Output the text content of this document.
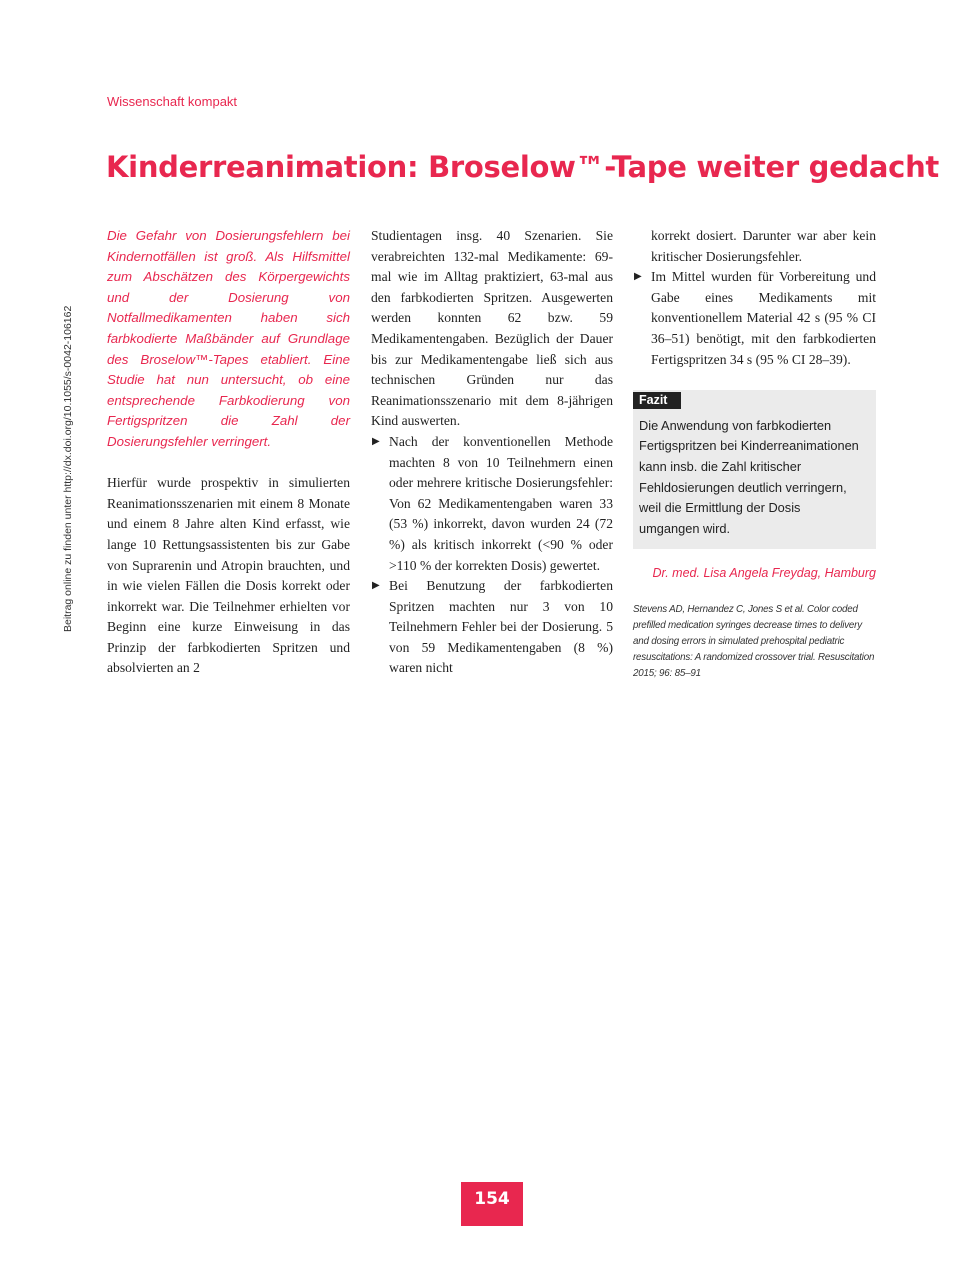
Wissenschaft kompakt
Kinderreanimation: Broselow™-Tape weiter gedacht
Beitrag online zu finden unter http://dx.doi.org/10.1055/s-0042-106162

Die Gefahr von Dosierungsfehlern bei Kindernotfällen ist groß. Als Hilfsmittel zum Abschätzen des Körpergewichts und der Dosierung von Notfallmedikamenten haben sich farbkodierte Maßbänder auf Grundlage des Broselow™-Tapes etabliert. Eine Studie hat nun untersucht, ob eine entsprechende Farbkodierung von Fertigspritzen die Zahl der Dosierungsfehler verringert.

Hierfür wurde prospektiv in simulierten Reanimationsszenarien mit einem 8 Monate und einem 8 Jahre alten Kind erfasst, wie lange 10 Rettungsassistenten bis zur Gabe von Suprarenin und Atropin brauchten, und in wie vielen Fällen die Dosis korrekt oder inkorrekt war. Die Teilnehmer erhielten vor Beginn eine kurze Einweisung in das Prinzip der farbkodierten Spritzen und absolvierten an 2

Studientagen insg. 40 Szenarien. Sie verabreichten 132-mal Medikamente: 69-mal wie im Alltag praktiziert, 63-mal aus den farbkodierten Spritzen. Ausgewerten werden konnten 62 bzw. 59 Medikamentengaben. Bezüglich der Dauer bis zur Medikamentengabe ließ sich aus technischen Gründen nur das Reanimationsszenario mit dem 8-jährigen Kind auswerten.

▶ Nach der konventionellen Methode machten 8 von 10 Teilnehmern einen oder mehrere kritische Dosierungsfehler: Von 62 Medikamentengaben waren 33 (53 %) inkorrekt, davon wurden 24 (72 %) als kritisch inkorrekt (<90 % oder >110 % der korrekten Dosis) gewertet.
▶ Bei Benutzung der farbkodierten Spritzen machten nur 3 von 10 Teilnehmern Fehler bei der Dosierung. 5 von 59 Medikamentengaben (8 %) waren nicht

korrekt dosiert. Darunter war aber kein kritischer Dosierungsfehler.

▶ Im Mittel wurden für Vorbereitung und Gabe eines Medikaments mit konventionellem Material 42 s (95 % CI 36–51) benötigt, mit den farbkodierten Fertigspritzen 34 s (95 % CI 28–39).
Fazit

Die Anwendung von farbkodierten Fertigspritzen bei Kinderreanimationen kann insb. die Zahl kritischer Fehldosierungen deutlich verringern, weil die Ermittlung der Dosis umgangen wird.

Dr. med. Lisa Angela Freydag, Hamburg

Stevens AD, Hernandez C, Jones S et al. Color coded prefilled medication syringes decrease times to delivery and dosing errors in simulated prehospital pediatric resuscitations: A randomized crossover trial. Resuscitation 2015; 96: 85–91

154
